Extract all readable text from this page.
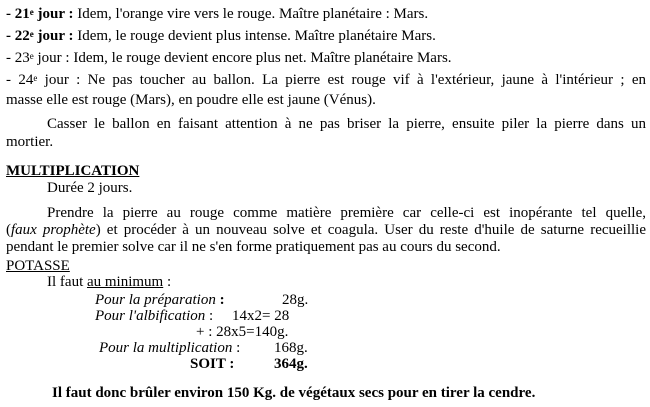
- 21e jour : Idem, l'orange vire vers le rouge. Maître planétaire : Mars.
- 22e jour : Idem, le rouge devient plus intense. Maître planétaire Mars.
- 23e jour : Idem, le rouge devient encore plus net. Maître planétaire Mars.
- 24e jour : Ne pas toucher au ballon. La pierre est rouge vif à l'extérieur, jaune à l'intérieur ; en
masse elle est rouge (Mars), en poudre elle est jaune (Vénus).
Casser le ballon en faisant attention à ne pas briser la pierre, ensuite piler la pierre dans un
mortier.
MULTIPLICATION
Durée 2 jours.
Prendre la pierre au rouge comme matière première car celle-ci est inopérante tel quelle,
(faux prophète) et procéder à un nouveau solve et coagula. User du reste d'huile de saturne recueillie
pendant le premier solve car il ne s'en forme pratiquement pas au cours du second.
POTASSE
Il faut au minimum :
Pour la préparation :	28g.
Pour l'albification : 14x2= 28
+ : 28x5=140g.
Pour la multiplication : 168g.
SOIT :	364g.
Il faut donc brûler environ 150 Kg. de végétaux secs pour en tirer la cendre.
